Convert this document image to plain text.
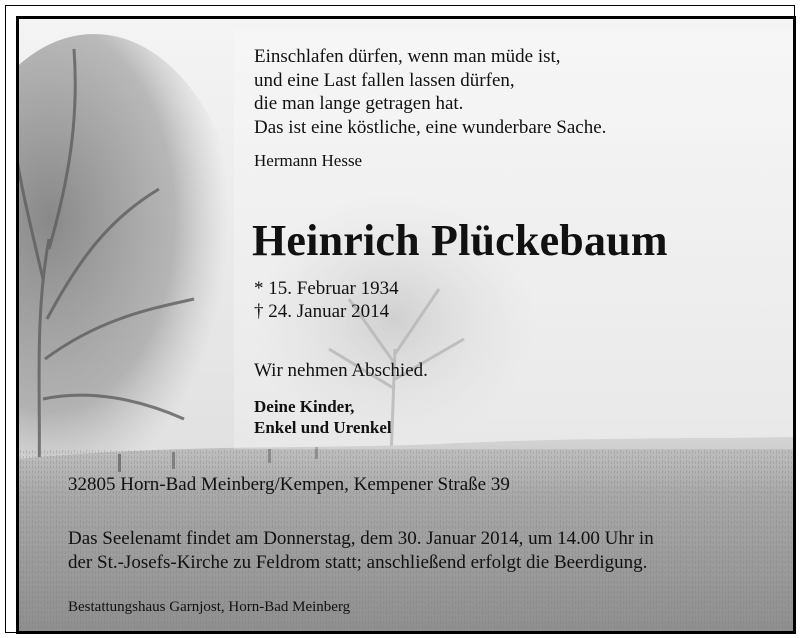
Einschlafen dürfen, wenn man müde ist,
und eine Last fallen lassen dürfen,
die man lange getragen hat.
Das ist eine köstliche, eine wunderbare Sache.
Hermann Hesse
Heinrich Plückebaum
* 15. Februar 1934
† 24. Januar 2014
Wir nehmen Abschied.
Deine Kinder,
Enkel und Urenkel
32805 Horn-Bad Meinberg/Kempen, Kempener Straße 39
Das Seelenamt findet am Donnerstag, dem 30. Januar 2014, um 14.00 Uhr in
der St.-Josefs-Kirche zu Feldrom statt; anschließend erfolgt die Beerdigung.
Bestattungshaus Garnjost, Horn-Bad Meinberg
